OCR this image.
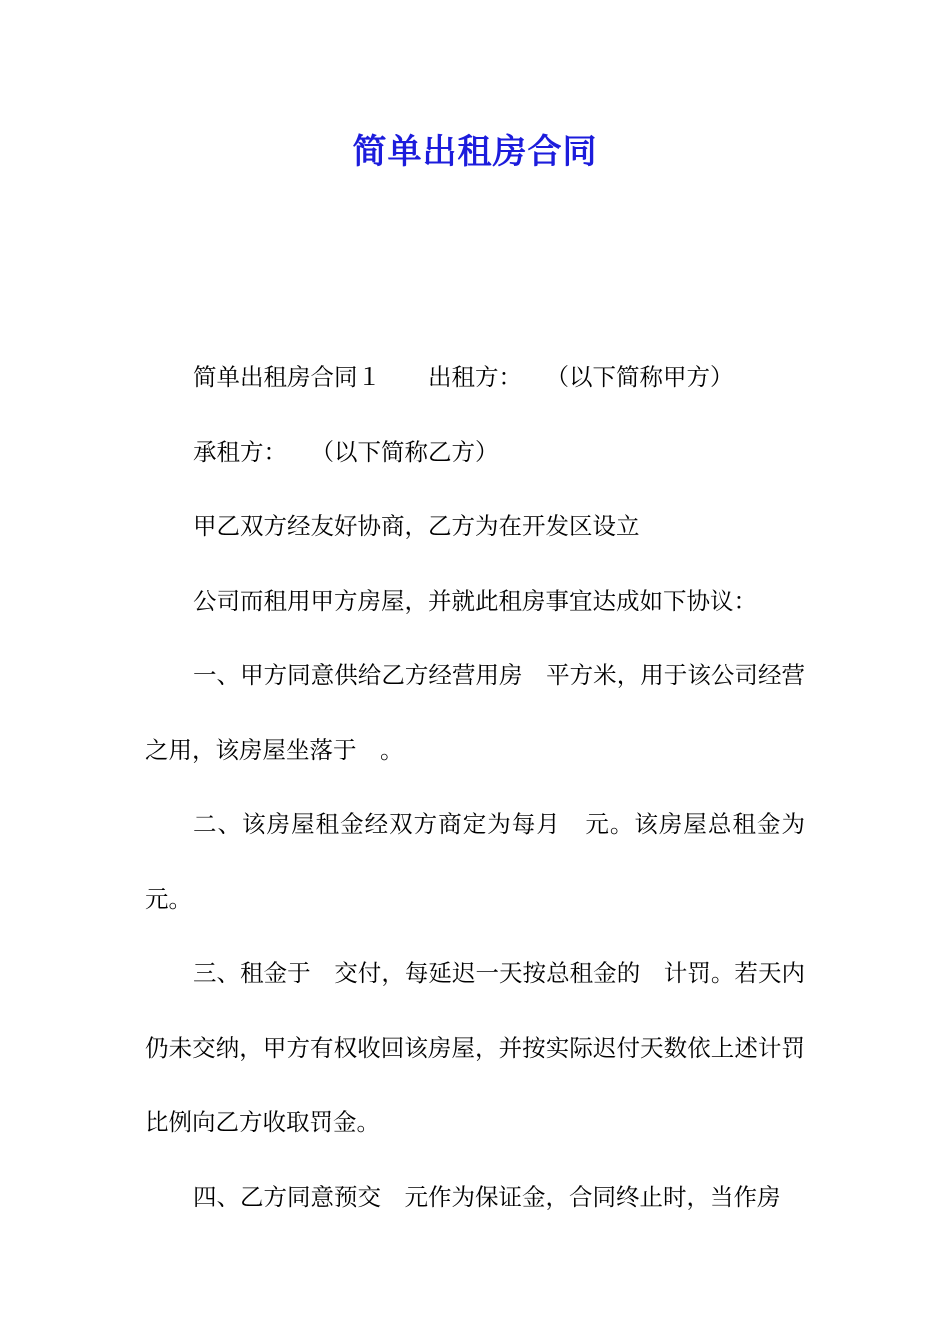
简单出租房合同

简单出租房合同１　　出租方：　　（以下简称甲方）

承租方：　　（以下简称乙方）

甲乙双方经友好协商，乙方为在开发区设立

公司而租用甲方房屋，并就此租房事宜达成如下协议：

一、甲方同意供给乙方经营用房　平方米，用于该公司经营之用，该房屋坐落于　。

二、该房屋租金经双方商定为每月　元。该房屋总租金为元。

三、租金于　交付，每延迟一天按总租金的　计罚。若天内仍未交纳，甲方有权收回该房屋，并按实际迟付天数依上述计罚比例向乙方收取罚金。

四、乙方同意预交　元作为保证金，合同终止时，当作房
